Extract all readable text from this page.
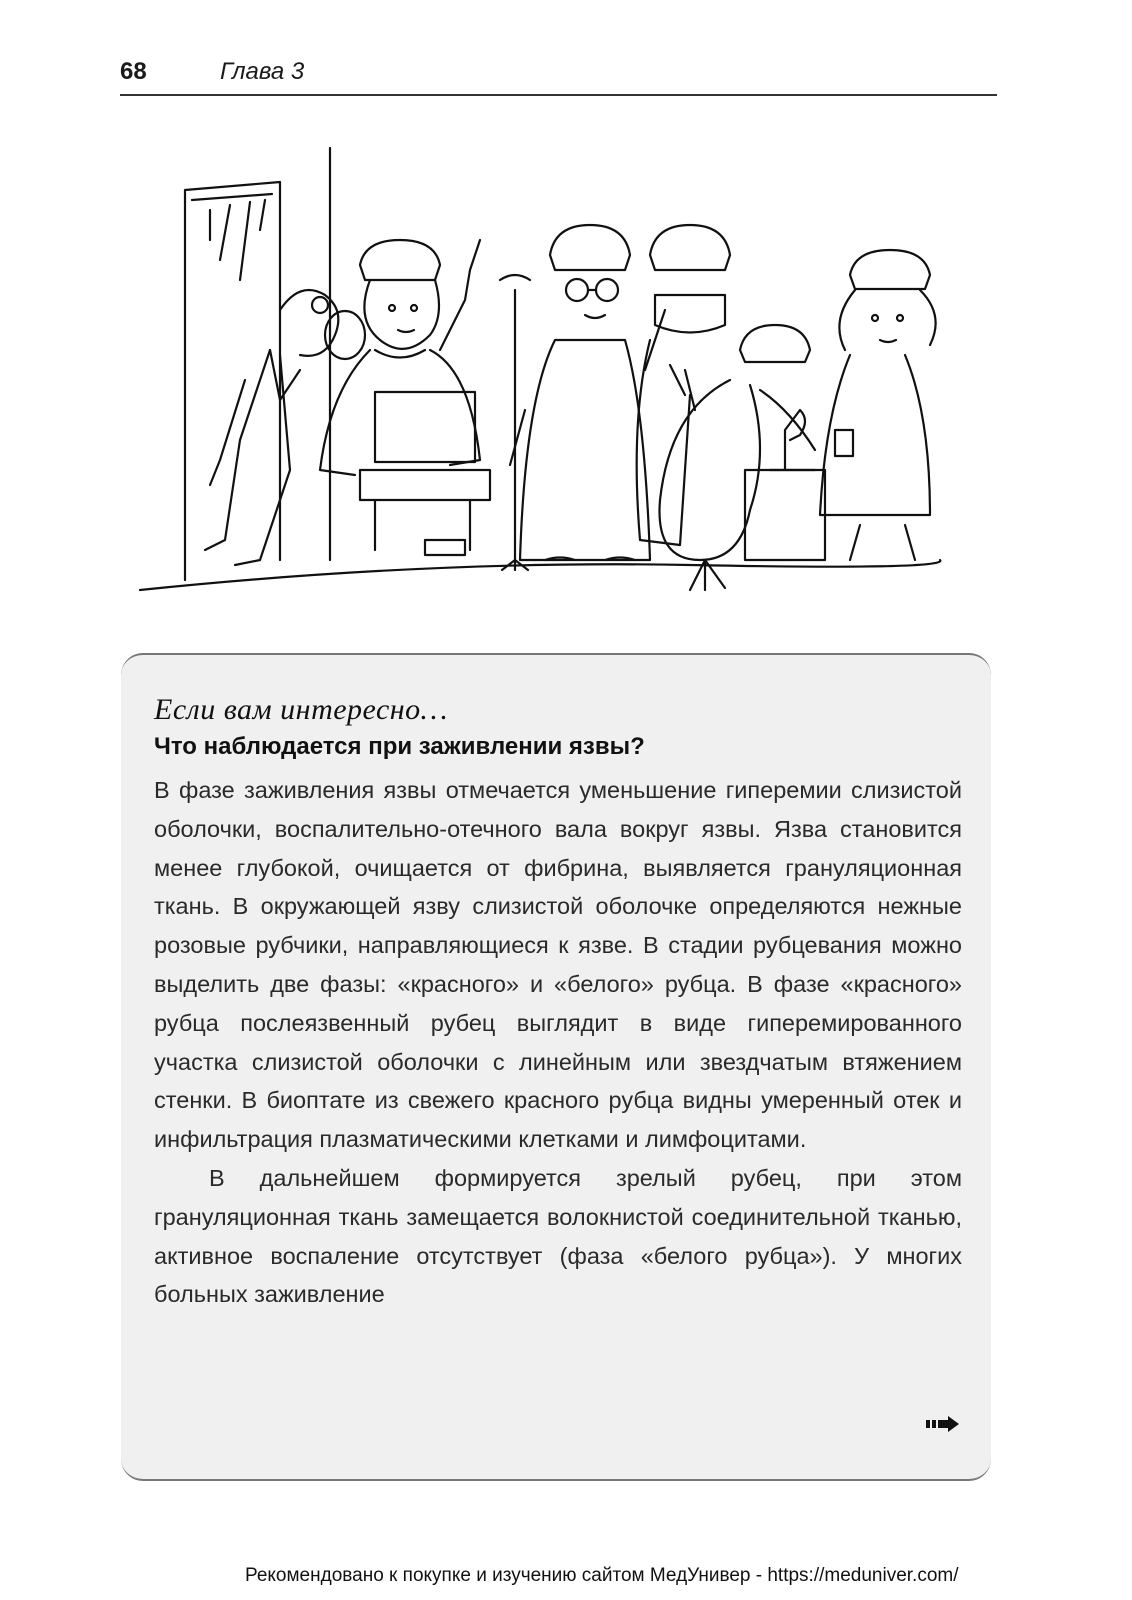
68	Глава 3
Если вам интересно…
Что наблюдается при заживлении язвы?

В фазе заживления язвы отмечается уменьшение гиперемии слизистой оболочки, воспалительно-отечного вала вокруг язвы. Язва становится менее глубокой, очищается от фибрина, выявляется грануляционная ткань. В окружающей язву слизистой оболочке определяются нежные розовые рубчики, направляющиеся к язве. В стадии рубцевания можно выделить две фазы: «красного» и «белого» рубца. В фазе «красного» рубца послеязвенный рубец выглядит в виде гиперемированного участка слизистой оболочки с линейным или звездчатым втяжением стенки. В биоптате из свежего красного рубца видны умеренный отек и инфильтрация плазматическими клетками и лимфоцитами.

В дальнейшем формируется зрелый рубец, при этом грануляционная ткань замещается волокнистой соединительной тканью, активное воспаление отсутствует (фаза «белого рубца»). У многих больных заживление

Рекомендовано к покупке и изучению сайтом МедУнивер - https://meduniver.com/
